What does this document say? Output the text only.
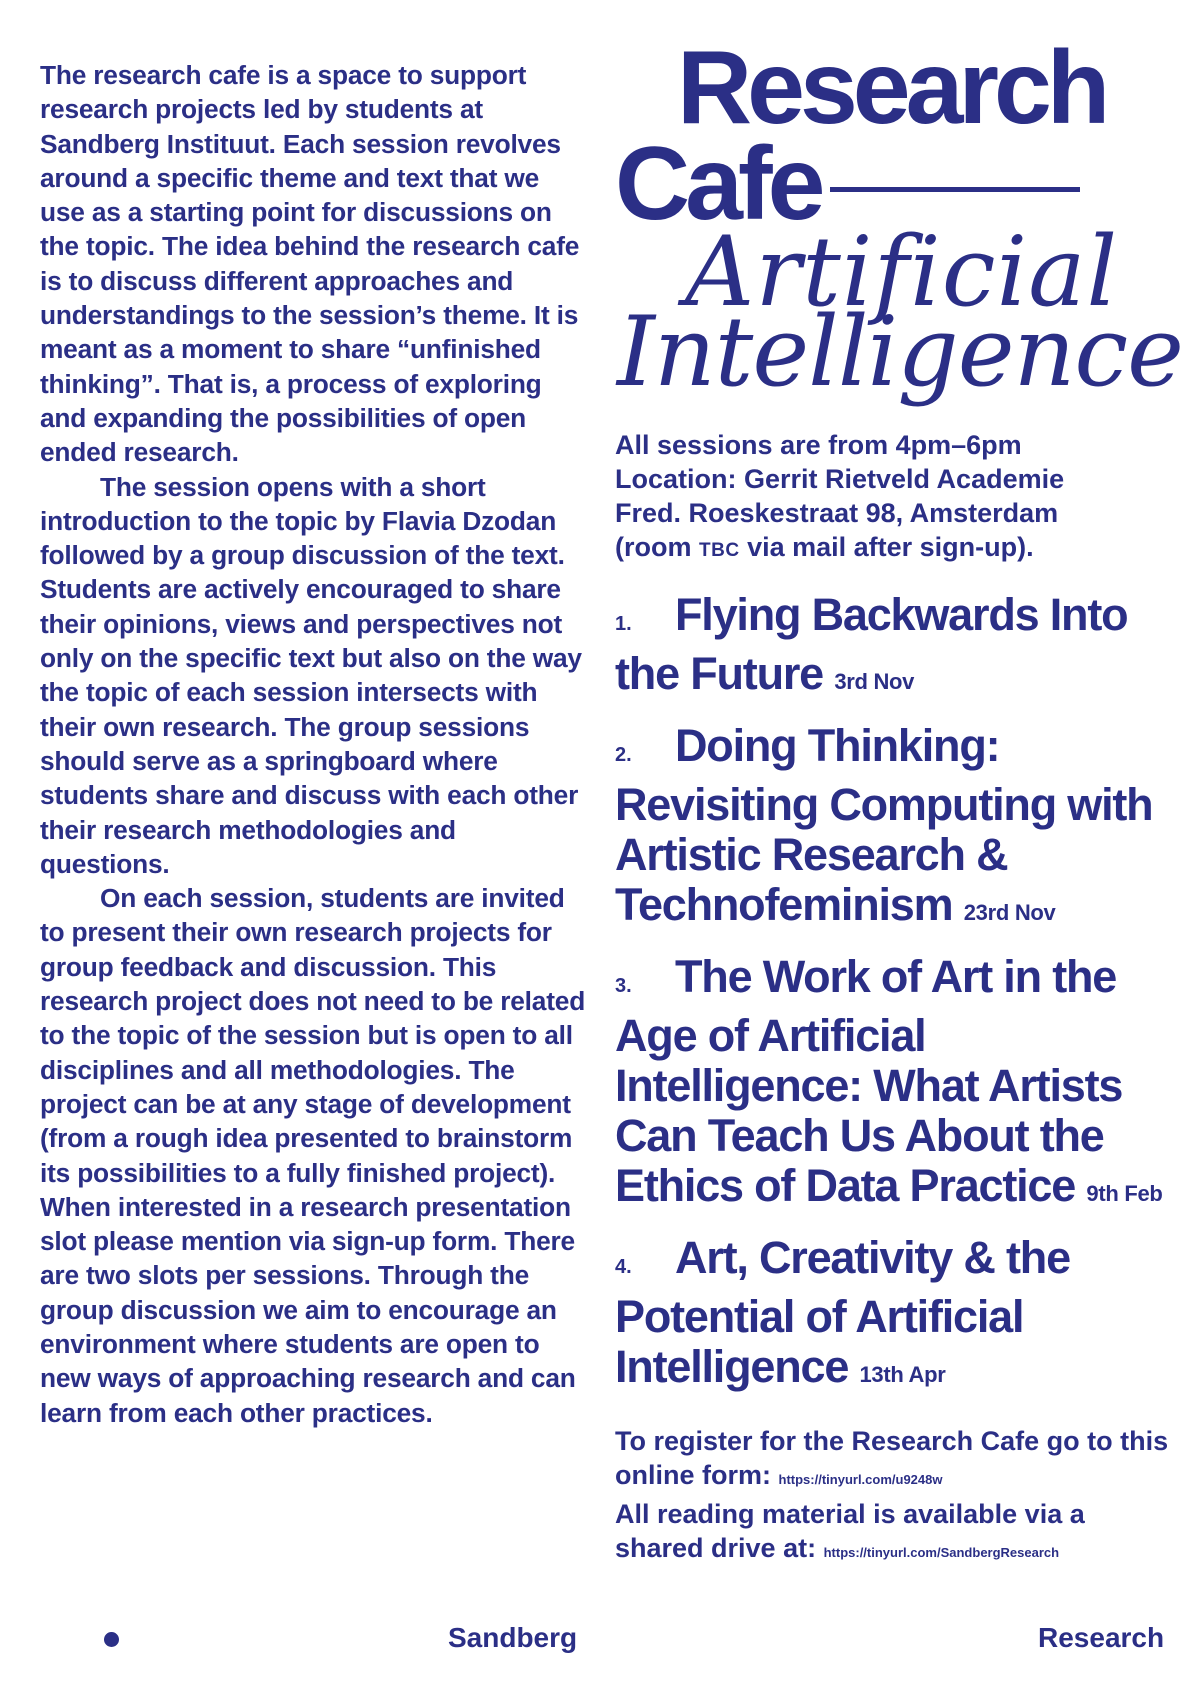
The research cafe is a space to support research projects led by students at Sandberg Instituut. Each session revolves around a specific theme and text that we use as a starting point for discussions on the topic. The idea behind the research cafe is to discuss different approaches and understandings to the session’s theme. It is meant as a moment to share “unfinished thinking”. That is, a process of exploring and expanding the possibilities of open ended research.

The session opens with a short introduction to the topic by Flavia Dzodan followed by a group discussion of the text. Students are actively encouraged to share their opinions, views and perspectives not only on the specific text but also on the way the topic of each session intersects with their own research. The group sessions should serve as a springboard where students share and discuss with each other their research methodologies and questions.

On each session, students are invited to present their own research projects for group feedback and discussion. This research project does not need to be related to the topic of the session but is open to all disciplines and all methodologies. The project can be at any stage of development (from a rough idea presented to brainstorm its possibilities to a fully finished project). When interested in a research presentation slot please mention via sign-up form. There are two slots per sessions. Through the group discussion we aim to encourage an environment where students are open to new ways of approaching research and can learn from each other practices.

Research
Cafe
Artificial
Intelligence
All sessions are from 4pm–6pm
Location: Gerrit Rietveld Academie
Fred. Roeskestraat 98, Amsterdam
(room TBC via mail after sign-up).
1. Flying Backwards Into the Future 3rd Nov
2. Doing Thinking: Revisiting Computing with Artistic Research & Technofeminism 23rd Nov
3. The Work of Art in the Age of Artificial Intelligence: What Artists Can Teach Us About the Ethics of Data Practice 9th Feb
4. Art, Creativity & the Potential of Artificial Intelligence 13th Apr
To register for the Research Cafe go to this online form: https://tinyurl.com/u9248w
All reading material is available via a shared drive at: https://tinyurl.com/SandbergResearch
Sandberg	Research
